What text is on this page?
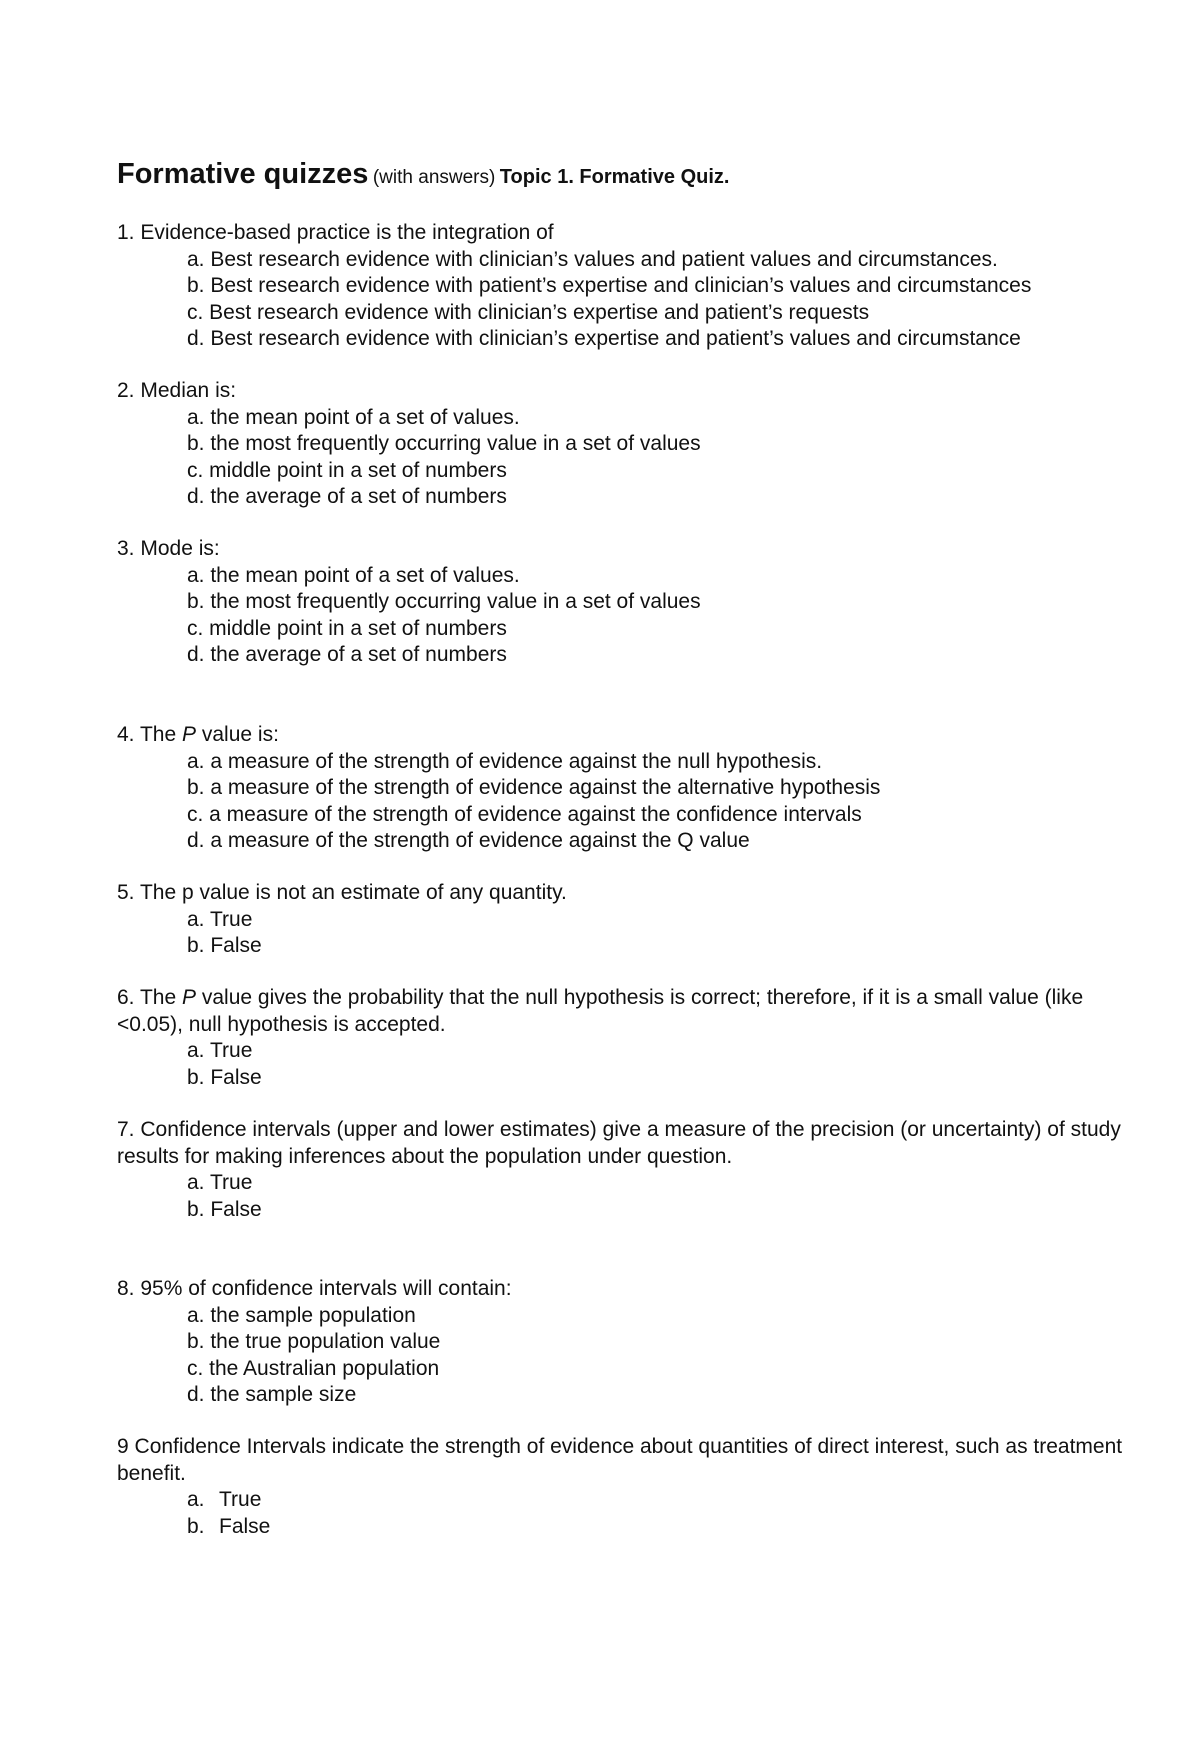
Formative quizzes (with answers) Topic 1. Formative Quiz.

1. Evidence-based practice is the integration of

a. Best research evidence with clinician’s values and patient values and circumstances.
b. Best research evidence with patient’s expertise and clinician’s values and circumstances
c. Best research evidence with clinician’s expertise and patient’s requests
d. Best research evidence with clinician’s expertise and patient’s values and circumstance

2. Median is:

a. the mean point of a set of values.
b. the most frequently occurring value in a set of values
c. middle point in a set of numbers
d. the average of a set of numbers

3. Mode is:

a. the mean point of a set of values.
b. the most frequently occurring value in a set of values
c. middle point in a set of numbers
d. the average of a set of numbers

4. The P value is:

a. a measure of the strength of evidence against the null hypothesis.
b. a measure of the strength of evidence against the alternative hypothesis
c. a measure of the strength of evidence against the confidence intervals
d. a measure of the strength of evidence against the Q value

5. The p value is not an estimate of any quantity.

a. True
b. False

6. The P value gives the probability that the null hypothesis is correct; therefore, if it is a small value (like <0.05), null hypothesis is accepted.

a. True
b. False

7. Confidence intervals (upper and lower estimates) give a measure of the precision (or uncertainty) of study results for making inferences about the population under question.

a. True
b. False

8. 95% of confidence intervals will contain:

a. the sample population
b. the true population value
c. the Australian population
d. the sample size

9 Confidence Intervals indicate the strength of evidence about quantities of direct interest, such as treatment benefit.

a. True
b. False
